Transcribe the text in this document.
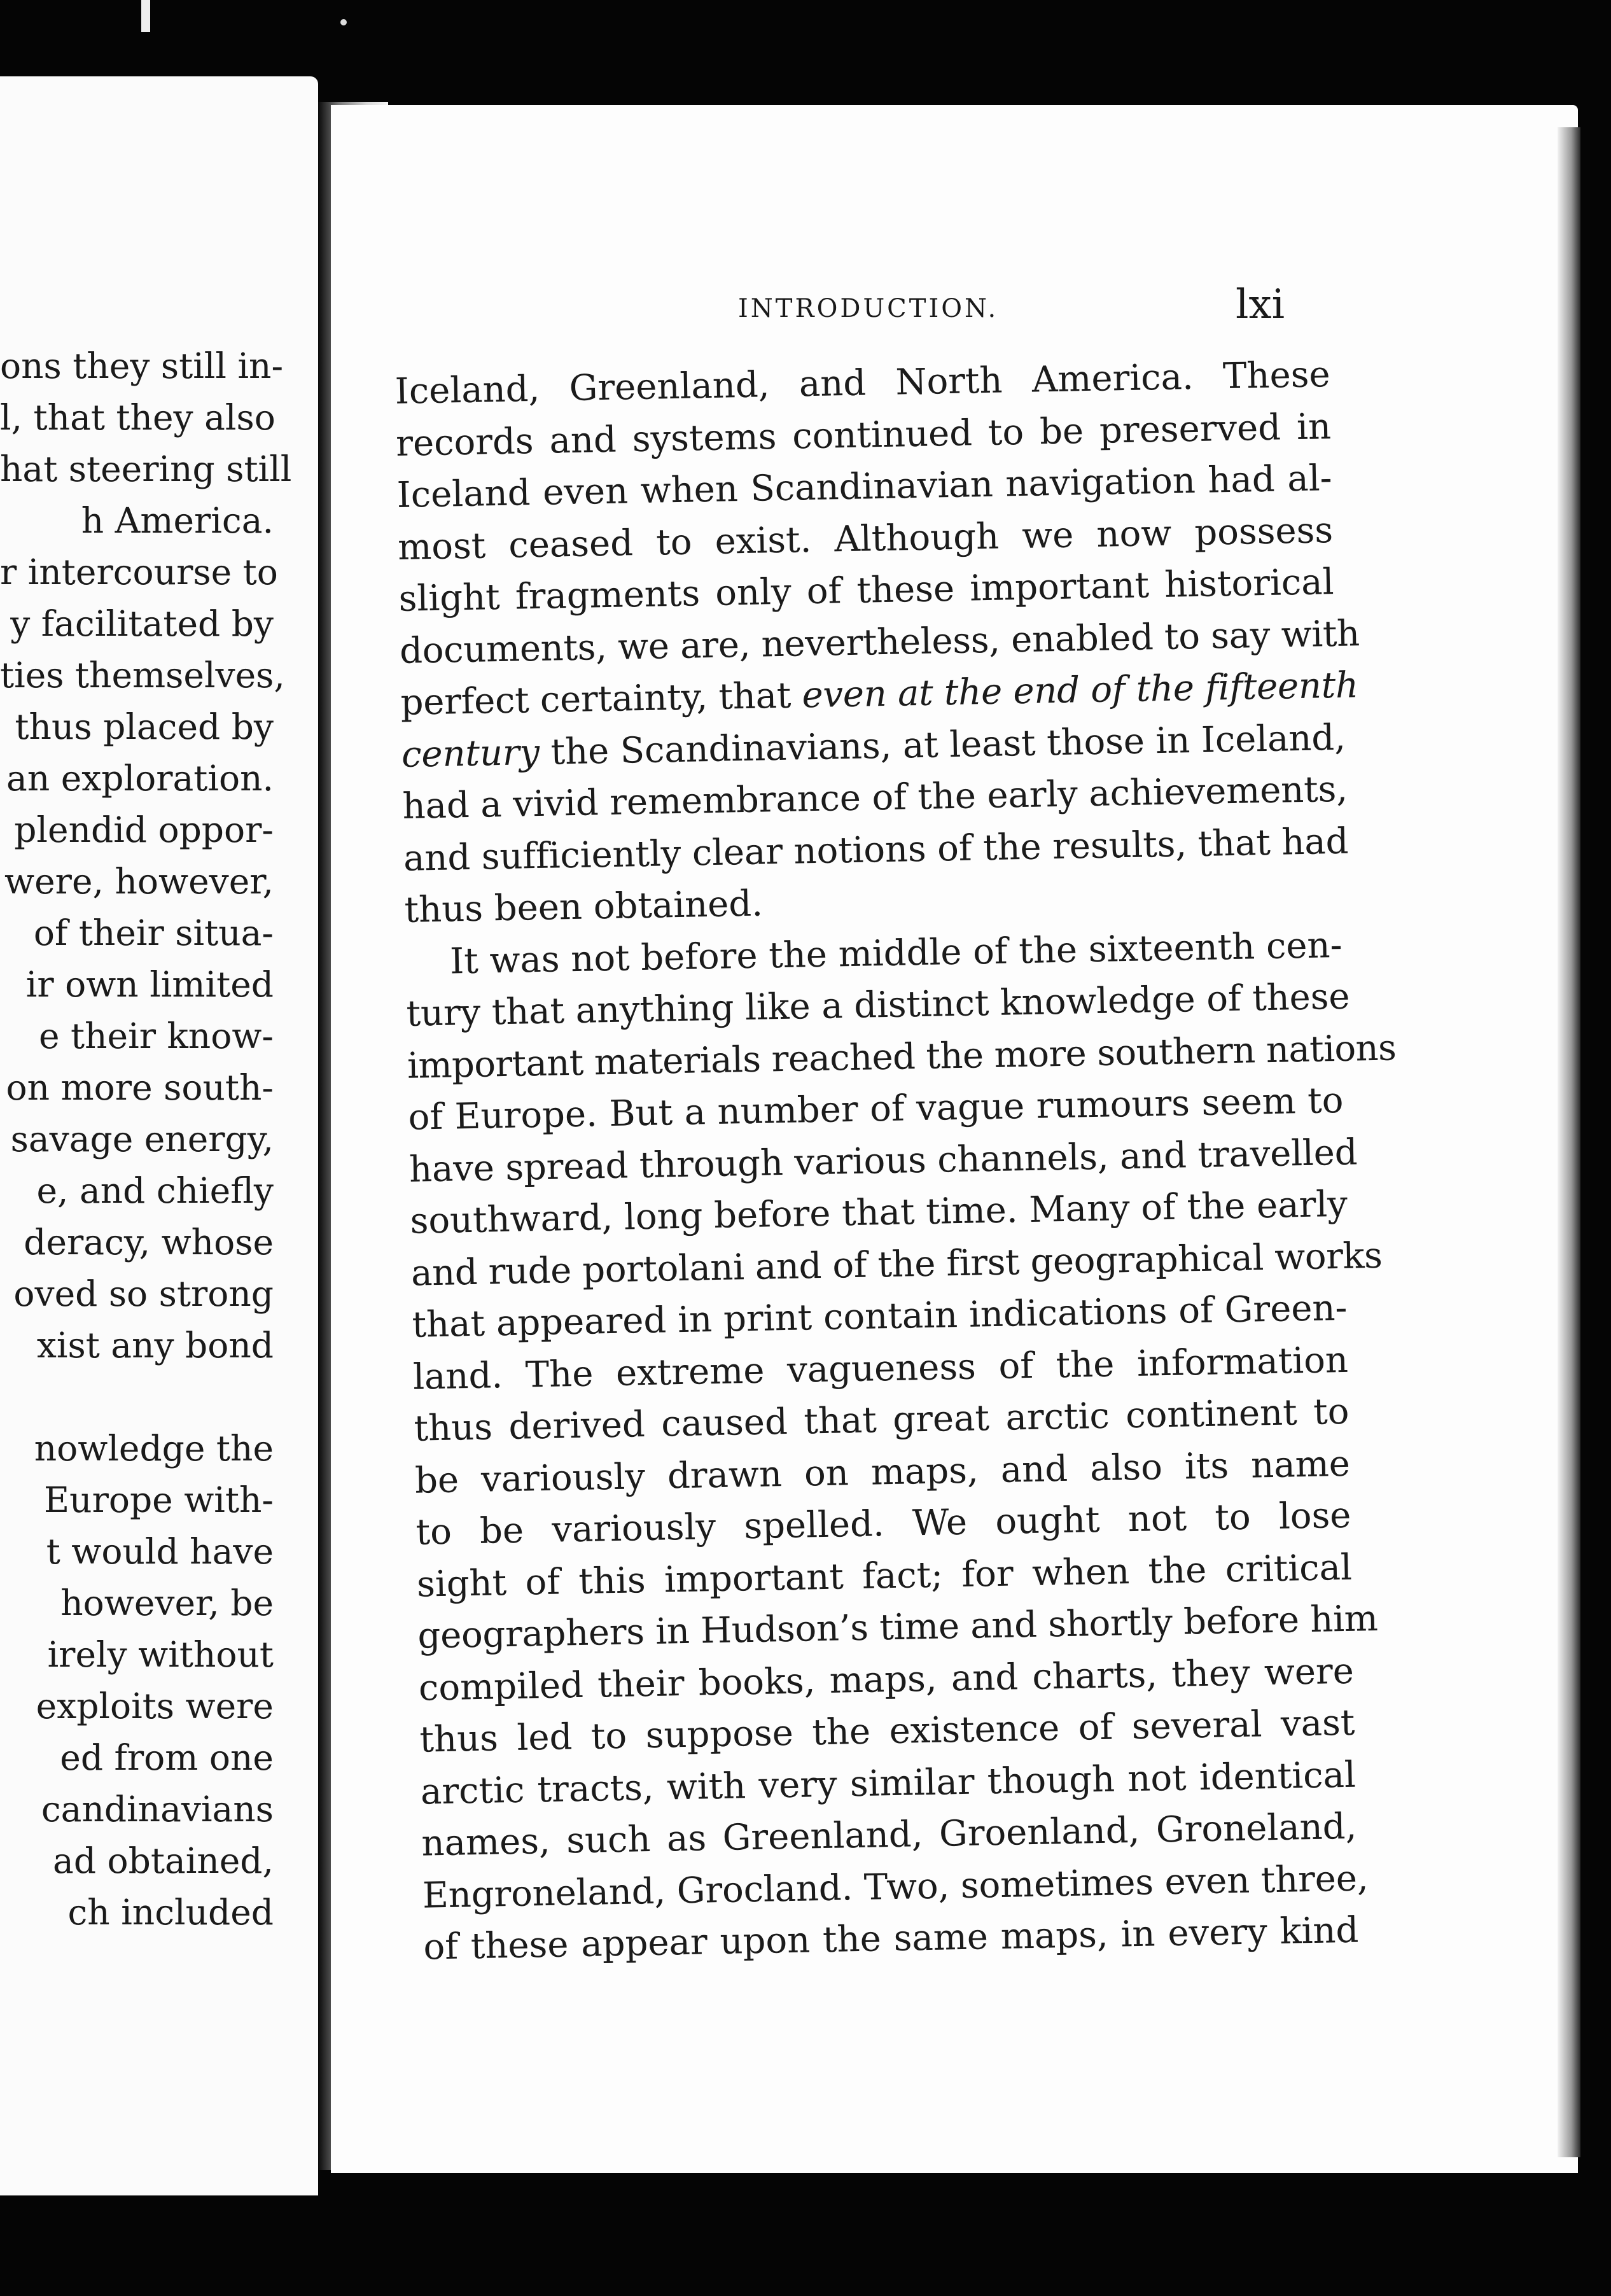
ons they still in-
l, that they also
hat steering still
h America.
r intercourse to
y facilitated by
ties themselves,
thus placed by
an exploration.
plendid oppor-
were, however,
of their situa-
ir own limited
e their know-
on more south-
savage energy,
e, and chiefly
deracy, whose
oved so strong
xist any bond
nowledge the
Europe with-
t would have
however, be
irely without
exploits were
ed from one
candinavians
ad obtained,
ch included
INTRODUCTION.	lxi
Iceland, Greenland, and North America. These
records and systems continued to be preserved in
Iceland even when Scandinavian navigation had al-
most ceased to exist. Although we now possess
slight fragments only of these important historical
documents, we are, nevertheless, enabled to say with
perfect certainty, that even at the end of the fifteenth
century the Scandinavians, at least those in Iceland,
had a vivid remembrance of the early achievements,
and sufficiently clear notions of the results, that had
thus been obtained.
It was not before the middle of the sixteenth cen-
tury that anything like a distinct knowledge of these
important materials reached the more southern nations
of Europe. But a number of vague rumours seem to
have spread through various channels, and travelled
southward, long before that time. Many of the early
and rude portolani and of the first geographical works
that appeared in print contain indications of Green-
land. The extreme vagueness of the information
thus derived caused that great arctic continent to
be variously drawn on maps, and also its name
to be variously spelled. We ought not to lose
sight of this important fact; for when the critical
geographers in Hudson’s time and shortly before him
compiled their books, maps, and charts, they were
thus led to suppose the existence of several vast
arctic tracts, with very similar though not identical
names, such as Greenland, Groenland, Groneland,
Engroneland, Grocland. Two, sometimes even three,
of these appear upon the same maps, in every kind
